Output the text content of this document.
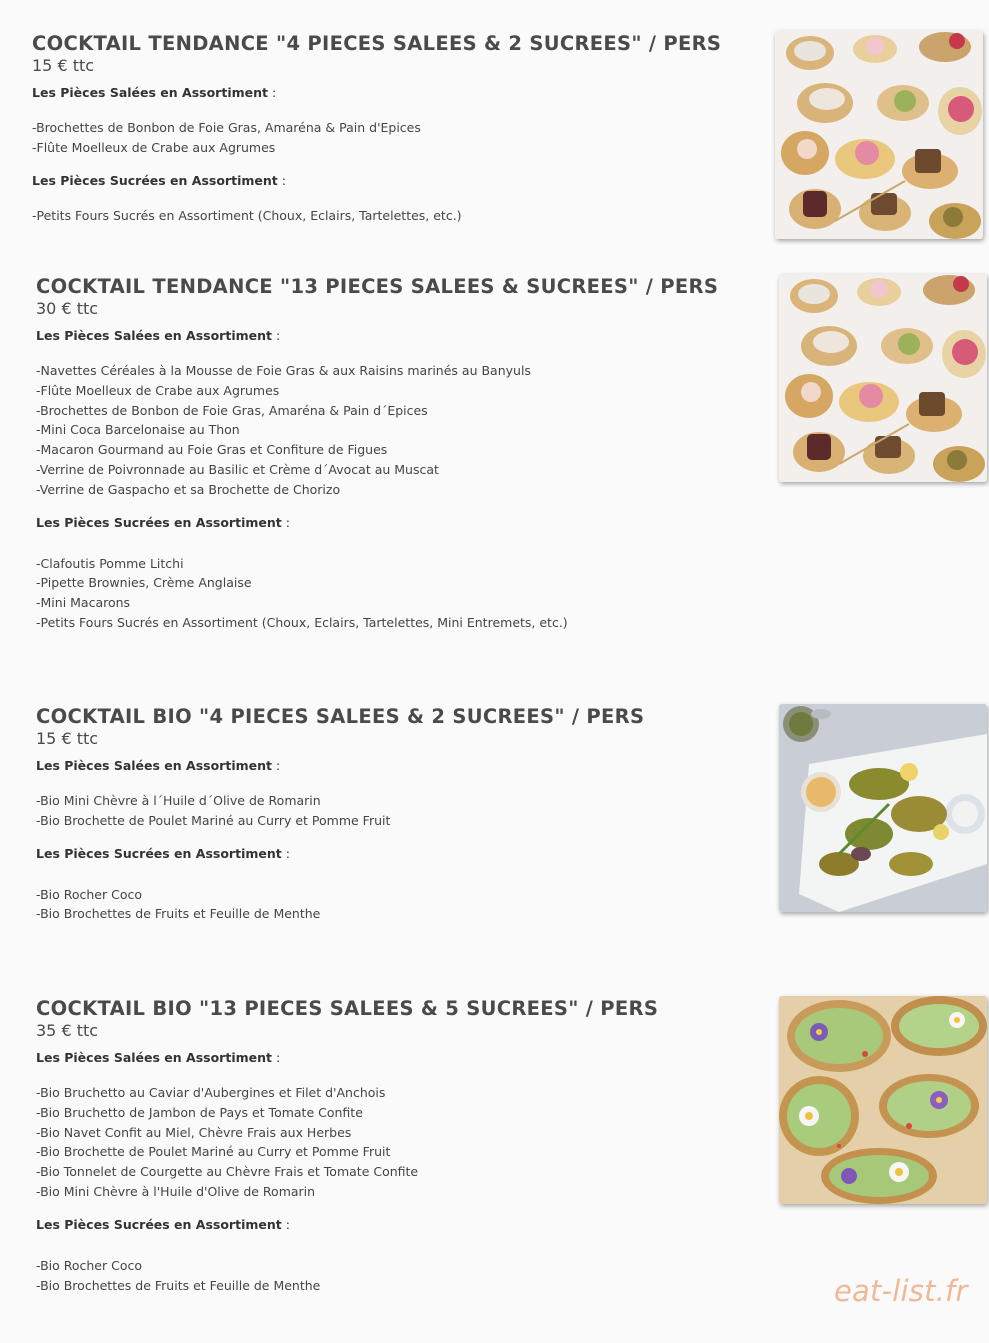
COCKTAIL TENDANCE "4 PIECES SALEES & 2 SUCREES" / PERS

15 € ttc

Les Pièces Salées en Assortiment :

-Brochettes de Bonbon de Foie Gras, Amaréna & Pain d'Epices
-Flûte Moelleux de Crabe aux Agrumes

Les Pièces Sucrées en Assortiment :

-Petits Fours Sucrés en Assortiment (Choux, Eclairs, Tartelettes, etc.)
COCKTAIL TENDANCE "13 PIECES SALEES & SUCREES" / PERS

30 € ttc

Les Pièces Salées en Assortiment :

-Navettes Céréales à la Mousse de Foie Gras & aux Raisins marinés au Banyuls
-Flûte Moelleux de Crabe aux Agrumes
-Brochettes de Bonbon de Foie Gras, Amaréna & Pain d´Epices
-Mini Coca Barcelonaise au Thon
-Macaron Gourmand au Foie Gras et Confiture de Figues
-Verrine de Poivronnade au Basilic et Crème d´Avocat au Muscat
-Verrine de Gaspacho et sa Brochette de Chorizo

Les Pièces Sucrées en Assortiment :

-Clafoutis Pomme Litchi
-Pipette Brownies, Crème Anglaise
-Mini Macarons
-Petits Fours Sucrés en Assortiment (Choux, Eclairs, Tartelettes, Mini Entremets, etc.)
COCKTAIL BIO "4 PIECES SALEES & 2 SUCREES" / PERS

15 € ttc

Les Pièces Salées en Assortiment :

-Bio Mini Chèvre à l´Huile d´Olive de Romarin
-Bio Brochette de Poulet Mariné au Curry et Pomme Fruit

Les Pièces Sucrées en Assortiment :

-Bio Rocher Coco
-Bio Brochettes de Fruits et Feuille de Menthe
COCKTAIL BIO "13 PIECES SALEES & 5 SUCREES" / PERS

35 € ttc

Les Pièces Salées en Assortiment :

-Bio Bruchetto au Caviar d'Aubergines et Filet d'Anchois
-Bio Bruchetto de Jambon de Pays et Tomate Confite
-Bio Navet Confit au Miel, Chèvre Frais aux Herbes
-Bio Brochette de Poulet Mariné au Curry et Pomme Fruit
-Bio Tonnelet de Courgette au Chèvre Frais et Tomate Confite
-Bio Mini Chèvre à l'Huile d'Olive de Romarin

Les Pièces Sucrées en Assortiment :

-Bio Rocher Coco
-Bio Brochettes de Fruits et Feuille de Menthe	eat-list.fr
